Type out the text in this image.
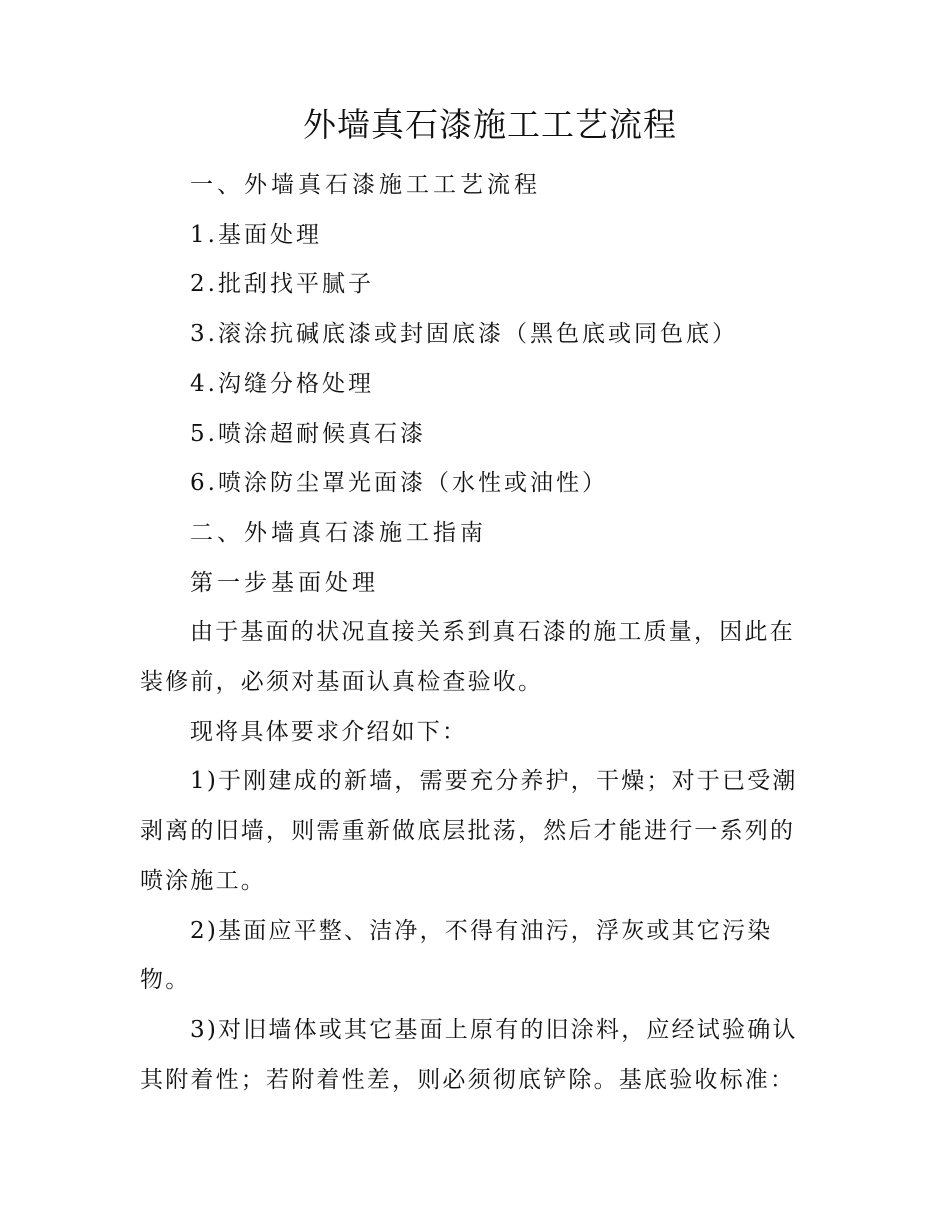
外墙真石漆施工工艺流程

一、外墙真石漆施工工艺流程

1.基面处理

2.批刮找平腻子

3.滚涂抗碱底漆或封固底漆（黑色底或同色底）

4.沟缝分格处理

5.喷涂超耐候真石漆

6.喷涂防尘罩光面漆（水性或油性）

二、外墙真石漆施工指南

第一步基面处理

由于基面的状况直接关系到真石漆的施工质量，因此在装修前，必须对基面认真检查验收。

现将具体要求介绍如下：

1)于刚建成的新墙，需要充分养护，干燥；对于已受潮剥离的旧墙，则需重新做底层批荡，然后才能进行一系列的喷涂施工。

2)基面应平整、洁净，不得有油污，浮灰或其它污染物。

3)对旧墙体或其它基面上原有的旧涂料，应经试验确认其附着性；若附着性差，则必须彻底铲除。基底验收标准：
